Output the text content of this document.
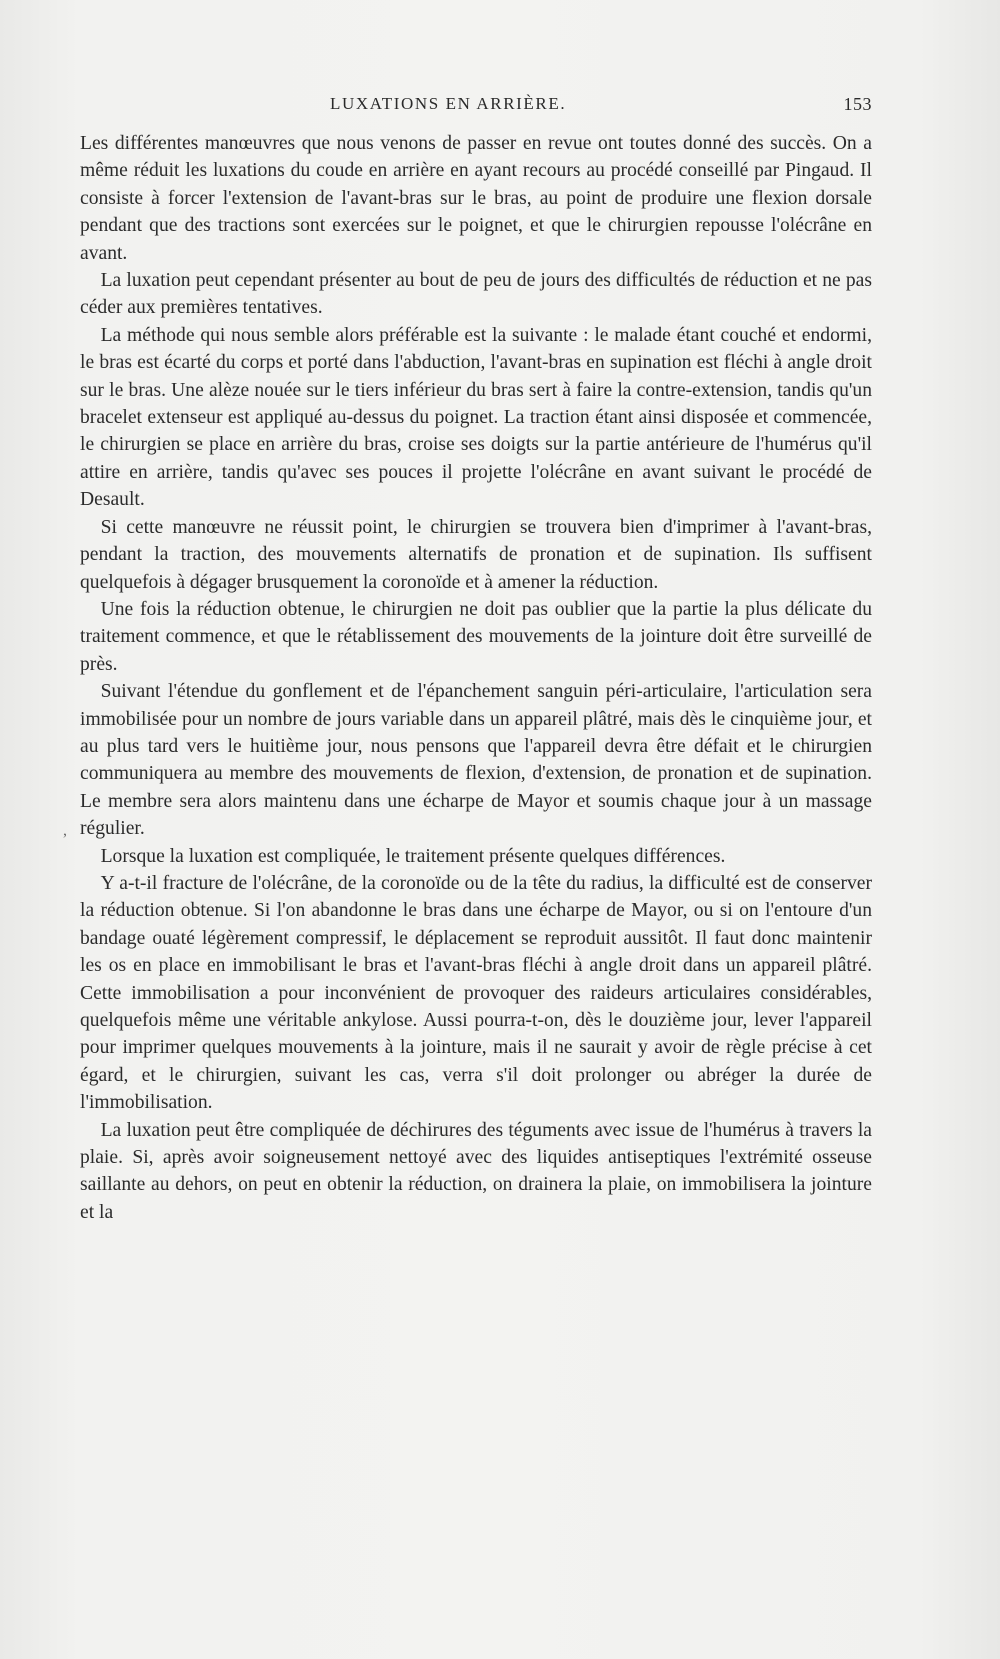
LUXATIONS EN ARRIÈRE.	153
,

Les différentes manœuvres que nous venons de passer en revue ont toutes donné des succès. On a même réduit les luxations du coude en arrière en ayant recours au procédé conseillé par Pingaud. Il consiste à forcer l'extension de l'avant-bras sur le bras, au point de produire une flexion dorsale pendant que des tractions sont exercées sur le poignet, et que le chirurgien repousse l'olécrâne en avant.

La luxation peut cependant présenter au bout de peu de jours des difficultés de réduction et ne pas céder aux premières tentatives.

La méthode qui nous semble alors préférable est la suivante : le malade étant couché et endormi, le bras est écarté du corps et porté dans l'abduction, l'avant-bras en supination est fléchi à angle droit sur le bras. Une alèze nouée sur le tiers inférieur du bras sert à faire la contre-extension, tandis qu'un bracelet extenseur est appliqué au-dessus du poignet. La traction étant ainsi disposée et commencée, le chirurgien se place en arrière du bras, croise ses doigts sur la partie antérieure de l'humérus qu'il attire en arrière, tandis qu'avec ses pouces il projette l'olécrâne en avant suivant le procédé de Desault.

Si cette manœuvre ne réussit point, le chirurgien se trouvera bien d'imprimer à l'avant-bras, pendant la traction, des mouvements alternatifs de pronation et de supination. Ils suffisent quelquefois à dégager brusquement la coronoïde et à amener la réduction.

Une fois la réduction obtenue, le chirurgien ne doit pas oublier que la partie la plus délicate du traitement commence, et que le rétablissement des mouvements de la jointure doit être surveillé de près.

Suivant l'étendue du gonflement et de l'épanchement sanguin péri-articulaire, l'articulation sera immobilisée pour un nombre de jours variable dans un appareil plâtré, mais dès le cinquième jour, et au plus tard vers le huitième jour, nous pensons que l'appareil devra être défait et le chirurgien communiquera au membre des mouvements de flexion, d'extension, de pronation et de supination. Le membre sera alors maintenu dans une écharpe de Mayor et soumis chaque jour à un massage régulier.

Lorsque la luxation est compliquée, le traitement présente quelques différences.

Y a-t-il fracture de l'olécrâne, de la coronoïde ou de la tête du radius, la difficulté est de conserver la réduction obtenue. Si l'on abandonne le bras dans une écharpe de Mayor, ou si on l'entoure d'un bandage ouaté légèrement compressif, le déplacement se reproduit aussitôt. Il faut donc maintenir les os en place en immobilisant le bras et l'avant-bras fléchi à angle droit dans un appareil plâtré. Cette immobilisation a pour inconvénient de provoquer des raideurs articulaires considérables, quelquefois même une véritable ankylose. Aussi pourra-t-on, dès le douzième jour, lever l'appareil pour imprimer quelques mouvements à la jointure, mais il ne saurait y avoir de règle précise à cet égard, et le chirurgien, suivant les cas, verra s'il doit prolonger ou abréger la durée de l'immobilisation.

La luxation peut être compliquée de déchirures des téguments avec issue de l'humérus à travers la plaie. Si, après avoir soigneusement nettoyé avec des liquides antiseptiques l'extrémité osseuse saillante au dehors, on peut en obtenir la réduction, on drainera la plaie, on immobilisera la jointure et la
